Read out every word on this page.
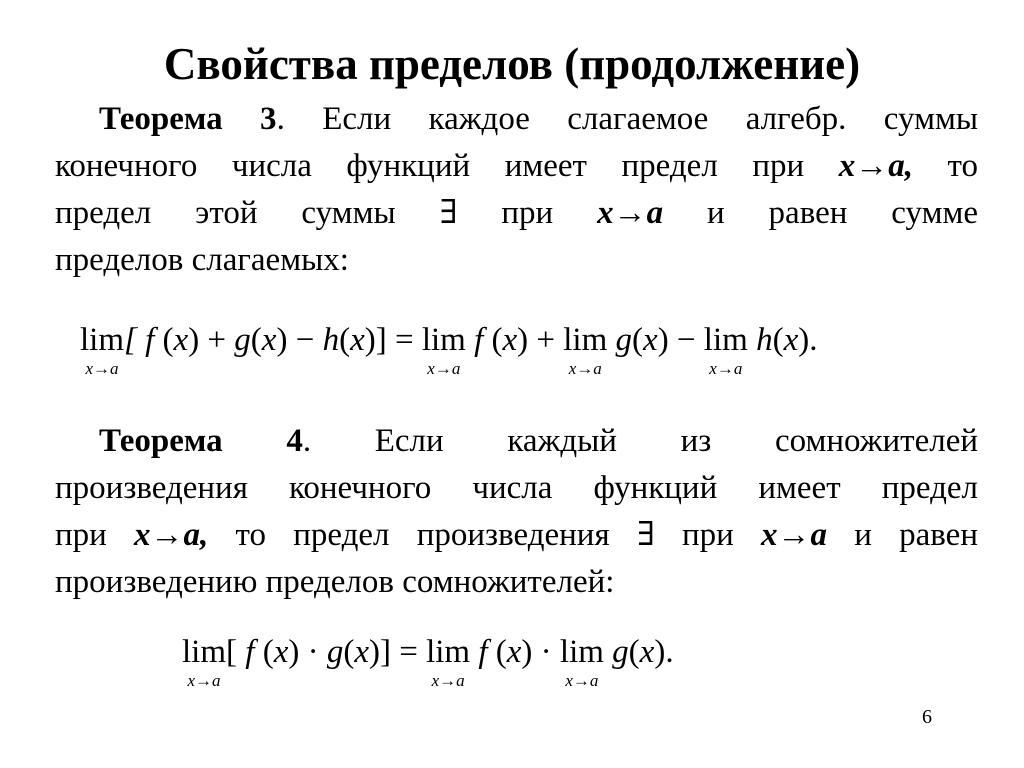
Свойства пределов (продолжение)
Теорема 3. Если каждое слагаемое алгебр. суммы
конечного числа функций имеет предел при x→a, то
предел этой суммы ∃ при x→a и равен сумме
пределов слагаемых:
lim
x→a
[ f (x) + g(x) − h(x)] = lim
x→a
f (x) + lim
x→a
g(x) − lim
x→a
h(x).
Теорема 4. Если каждый из сомножителей
произведения конечного числа функций имеет предел
при x→a, то предел произведения ∃ при x→a и равен
произведению пределов сомножителей:
lim
x→a
[ f (x) · g(x)] = lim
x→a
f (x) · lim
x→a
g(x).
6
